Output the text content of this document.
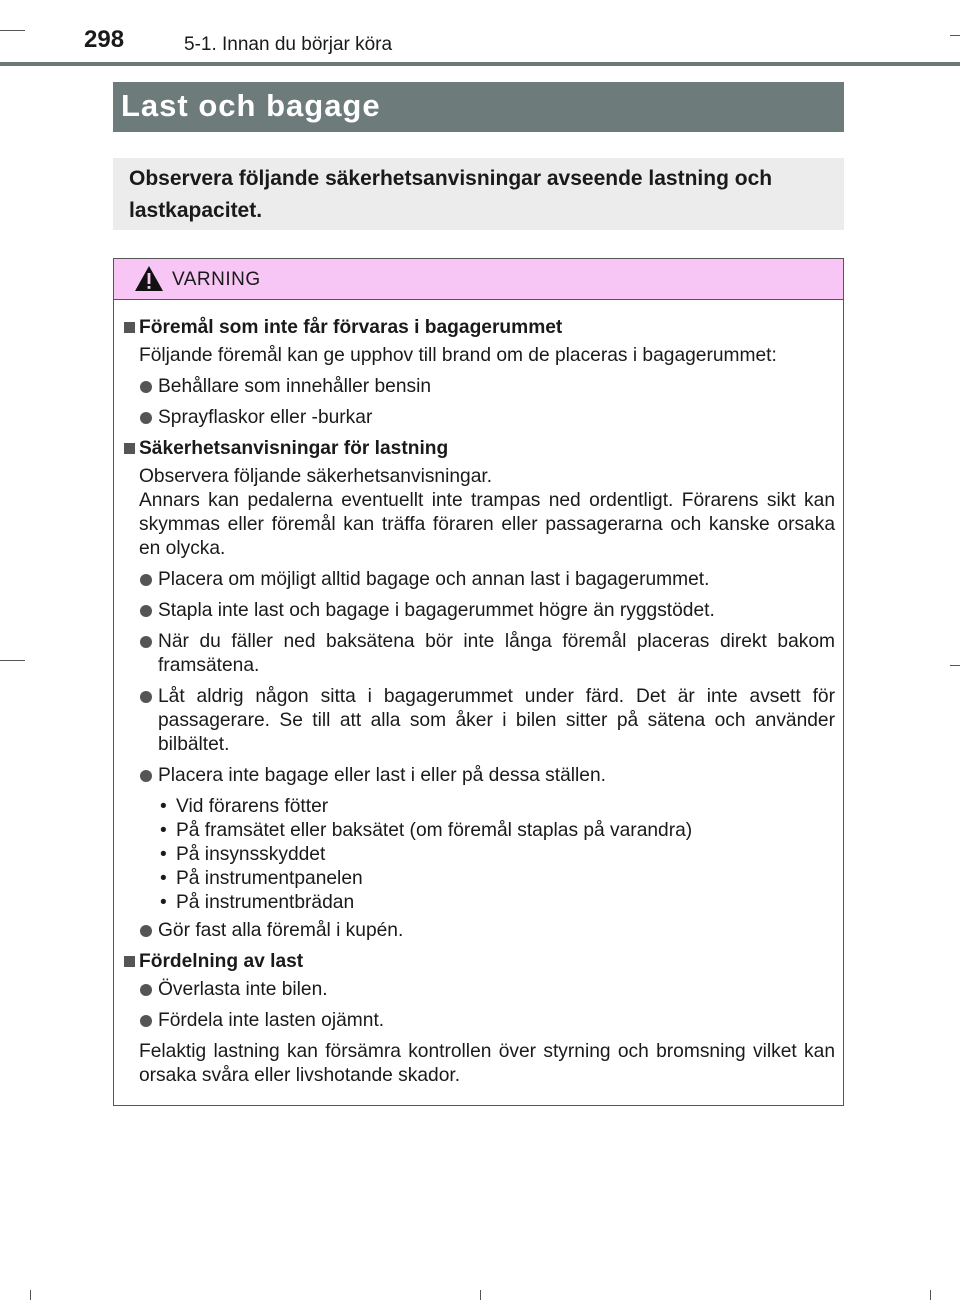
298	5-1. Innan du börjar köra
Last och bagage
Observera följande säkerhetsanvisningar avseende lastning och lastkapacitet.
VARNING
Föremål som inte får förvaras i bagagerummet
Följande föremål kan ge upphov till brand om de placeras i bagagerummet:
Behållare som innehåller bensin
Sprayflaskor eller -burkar
Säkerhetsanvisningar för lastning
Observera följande säkerhetsanvisningar.
Annars kan pedalerna eventuellt inte trampas ned ordentligt. Förarens sikt kan skymmas eller föremål kan träffa föraren eller passagerarna och kanske orsaka en olycka.
Placera om möjligt alltid bagage och annan last i bagagerummet.
Stapla inte last och bagage i bagagerummet högre än ryggstödet.
När du fäller ned baksätena bör inte långa föremål placeras direkt bakom framsätena.
Låt aldrig någon sitta i bagagerummet under färd. Det är inte avsett för passagerare. Se till att alla som åker i bilen sitter på sätena och använder bilbältet.
Placera inte bagage eller last i eller på dessa ställen.
• Vid förarens fötter
• På framsätet eller baksätet (om föremål staplas på varandra)
• På insynsskyddet
• På instrumentpanelen
• På instrumentbrädan
Gör fast alla föremål i kupén.
Fördelning av last
Överlasta inte bilen.
Fördela inte lasten ojämnt.
Felaktig lastning kan försämra kontrollen över styrning och bromsning vilket kan orsaka svåra eller livshotande skador.
